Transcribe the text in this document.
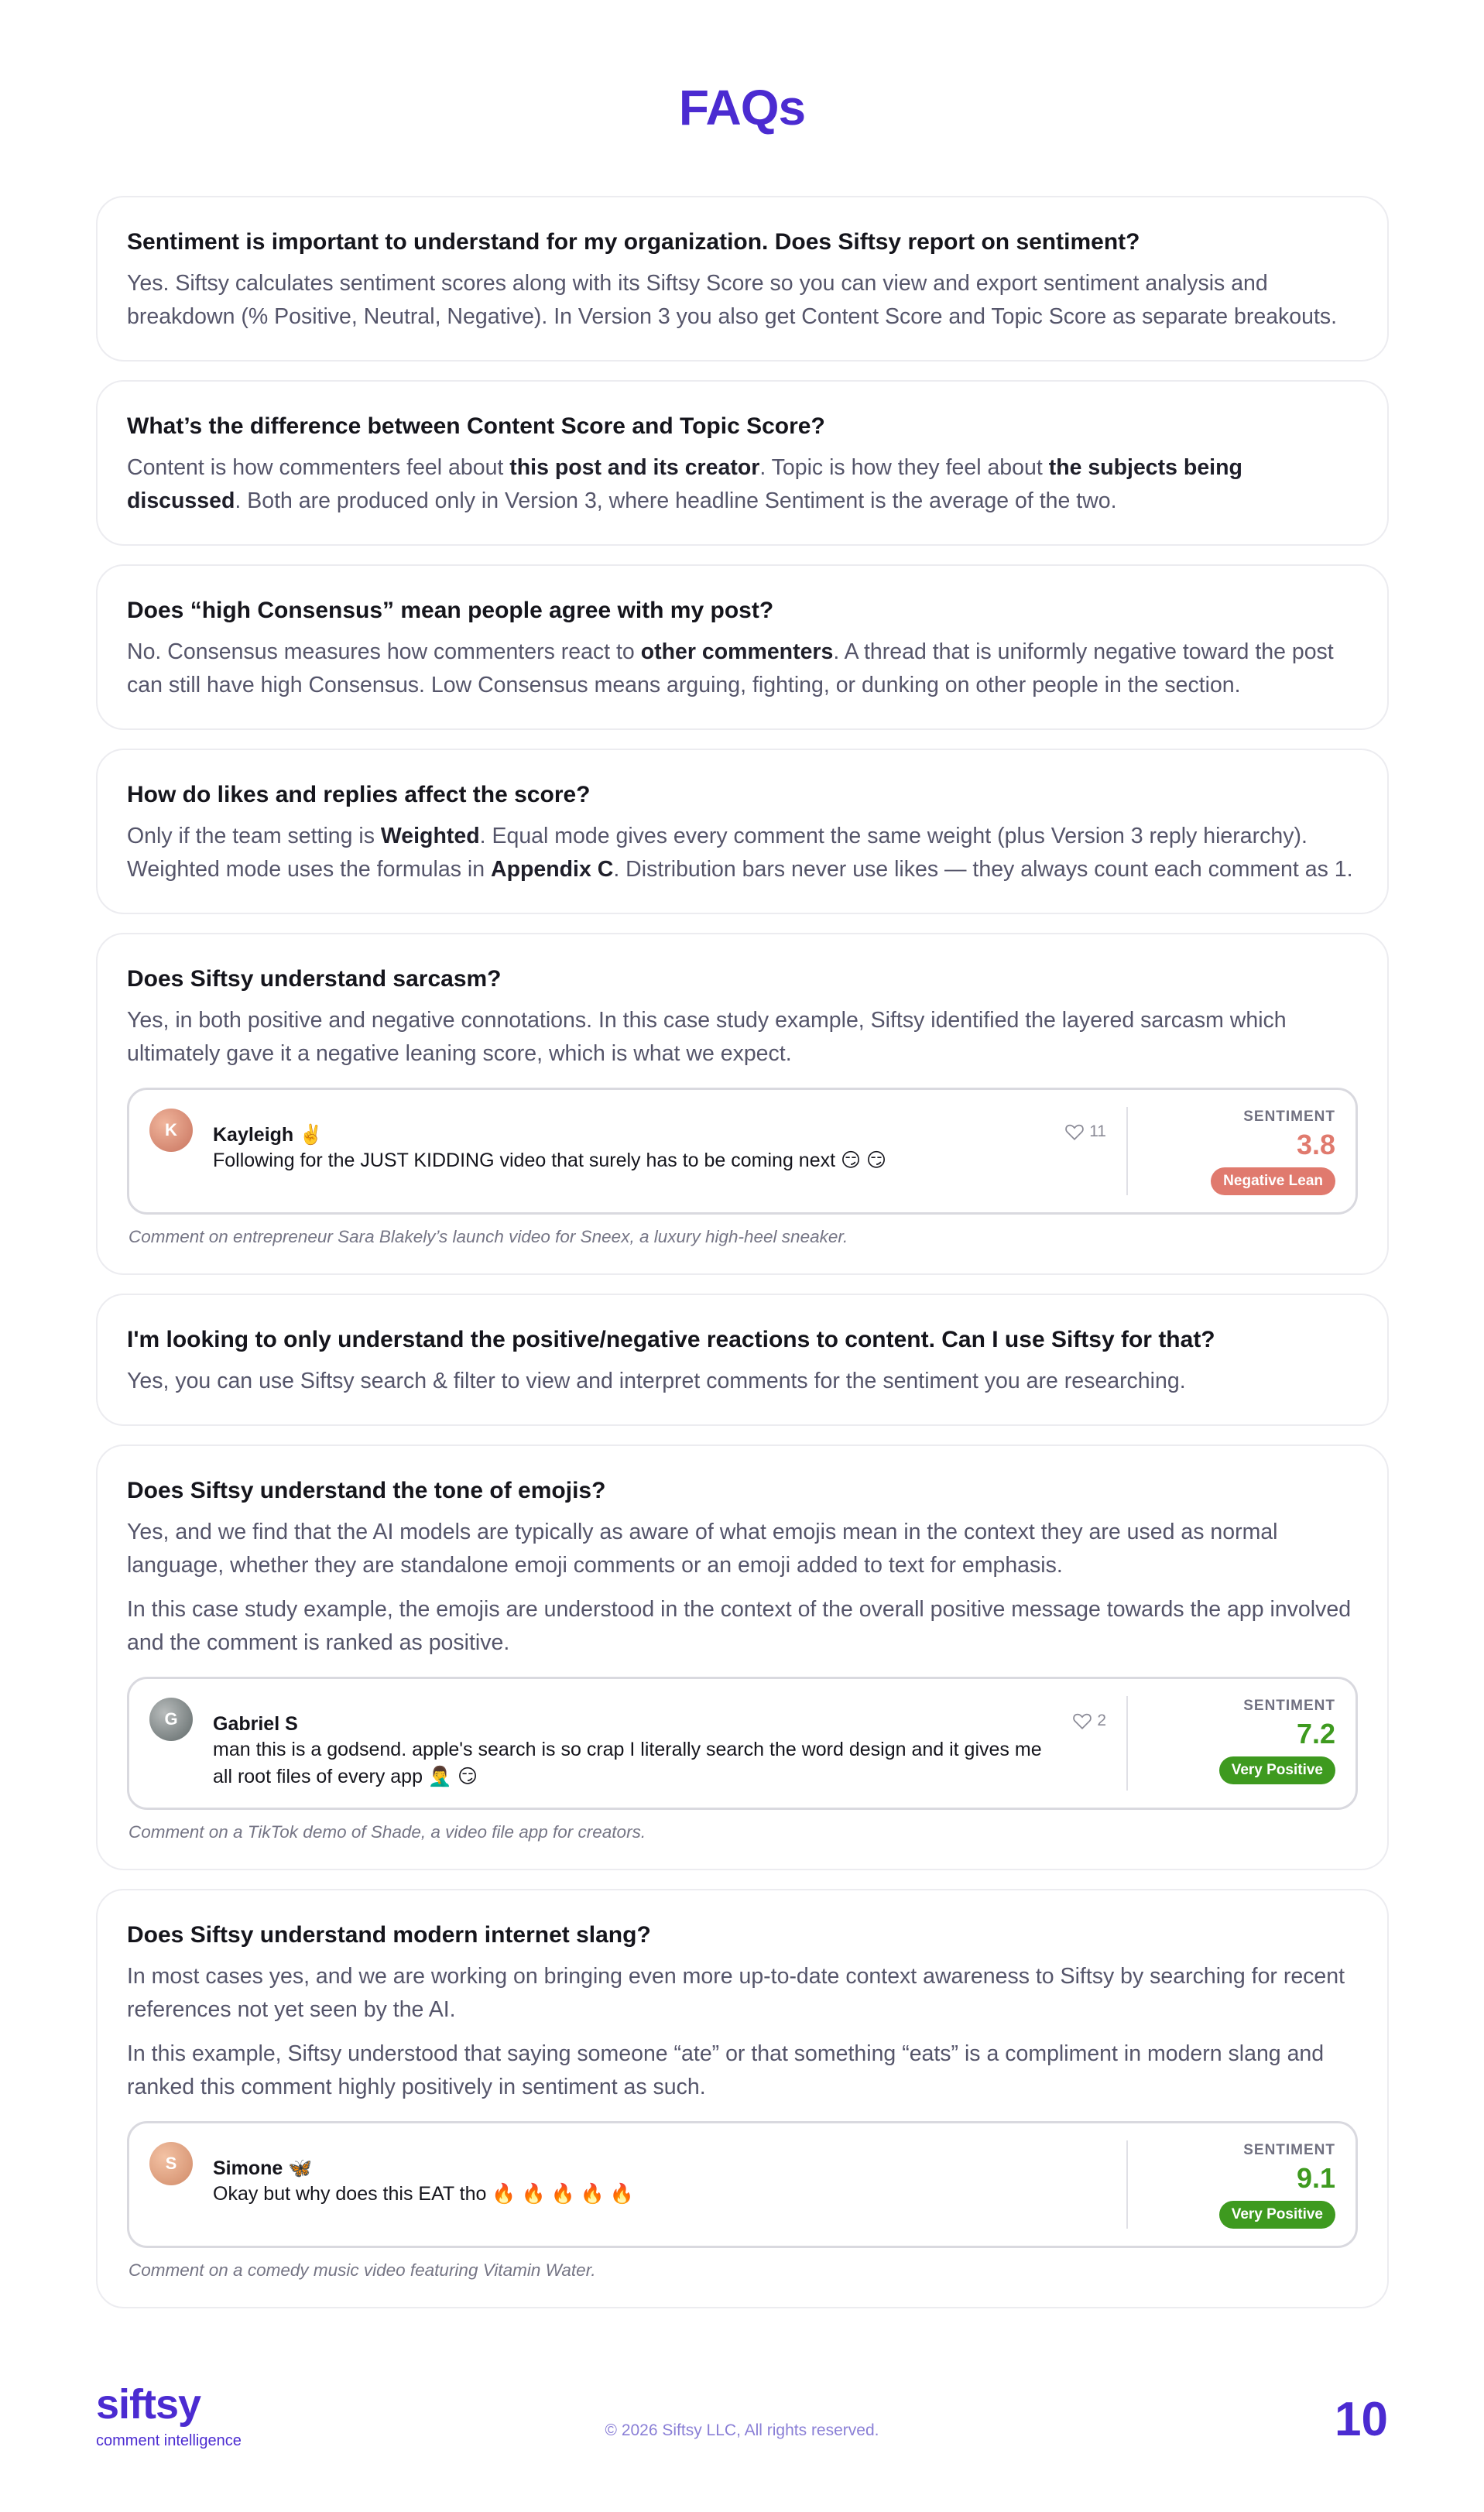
FAQs
Sentiment is important to understand for my organization. Does Siftsy report on sentiment?

Yes. Siftsy calculates sentiment scores along with its Siftsy Score so you can view and export sentiment analysis and breakdown (% Positive, Neutral, Negative). In Version 3 you also get Content Score and Topic Score as separate breakouts.

What’s the difference between Content Score and Topic Score?

Content is how commenters feel about this post and its creator. Topic is how they feel about the subjects being discussed. Both are produced only in Version 3, where headline Sentiment is the average of the two.

Does “high Consensus” mean people agree with my post?

No. Consensus measures how commenters react to other commenters. A thread that is uniformly negative toward the post can still have high Consensus. Low Consensus means arguing, fighting, or dunking on other people in the section.

How do likes and replies affect the score?

Only if the team setting is Weighted. Equal mode gives every comment the same weight (plus Version 3 reply hierarchy). Weighted mode uses the formulas in Appendix C. Distribution bars never use likes — they always count each comment as 1.

Does Siftsy understand sarcasm?

Yes, in both positive and negative connotations. In this case study example, Siftsy identified the layered sarcasm which ultimately gave it a negative leaning score, which is what we expect.

K	Kayleigh ✌️
Following for the JUST KIDDING video that surely has to be coming next 😏 😏
11
SENTIMENT
3.8
Negative Lean
Comment on entrepreneur Sara Blakely’s launch video for Sneex, a luxury high-heel sneaker.
I'm looking to only understand the positive/negative reactions to content. Can I use Siftsy for that?

Yes, you can use Siftsy search & filter to view and interpret comments for the sentiment you are researching.

Does Siftsy understand the tone of emojis?

Yes, and we find that the AI models are typically as aware of what emojis mean in the context they are used as normal language, whether they are standalone emoji comments or an emoji added to text for emphasis.

In this case study example, the emojis are understood in the context of the overall positive message towards the app involved and the comment is ranked as positive.

G	Gabriel S
man this is a godsend. apple's search is so crap I literally search the word design and it gives me all root files of every app 🤦‍♂️ 😏
2
SENTIMENT
7.2
Very Positive
Comment on a TikTok demo of Shade, a video file app for creators.
Does Siftsy understand modern internet slang?

In most cases yes, and we are working on bringing even more up-to-date context awareness to Siftsy by searching for recent references not yet seen by the AI.

In this example, Siftsy understood that saying someone “ate” or that something “eats” is a compliment in modern slang and ranked this comment highly positively in sentiment as such.

S	Simone 🦋
Okay but why does this EAT tho 🔥 🔥 🔥 🔥 🔥
SENTIMENT
9.1
Very Positive
Comment on a comedy music video featuring Vitamin Water.
siftsy
comment intelligence
© 2026 Siftsy LLC, All rights reserved.	10
